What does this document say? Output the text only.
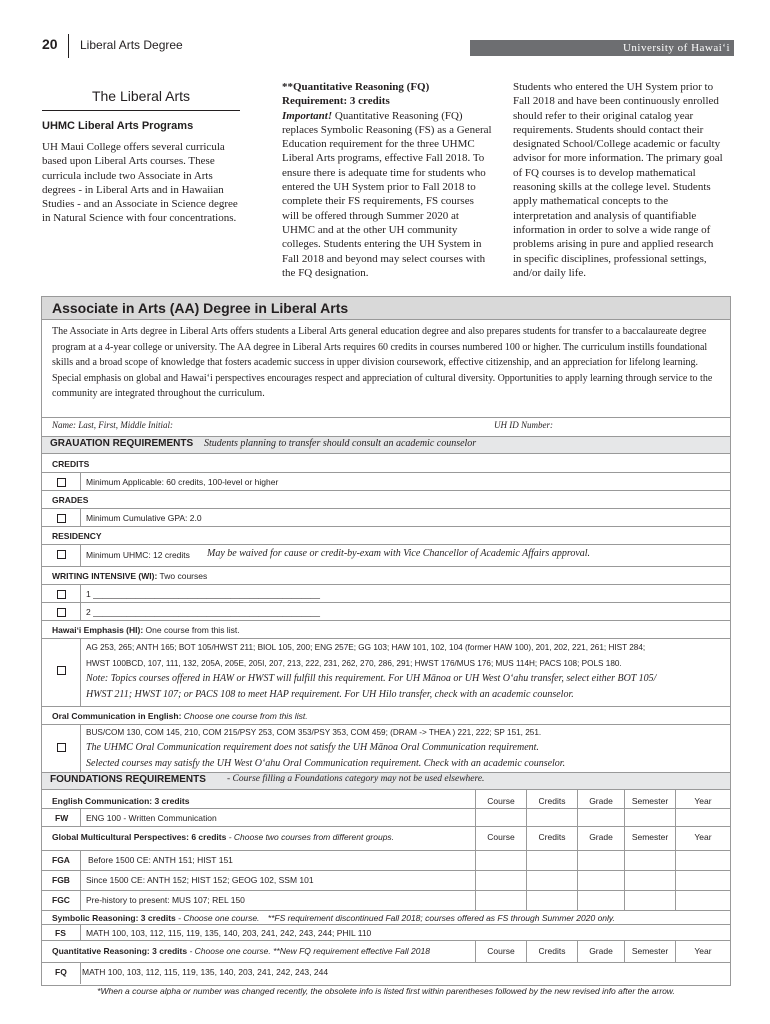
20 Liberal Arts Degree	University of Hawaiʻi
The Liberal Arts
UHMC Liberal Arts Programs
UH Maui College offers several curricula based upon Liberal Arts courses. These curricula include two Associate in Arts degrees - in Liberal Arts and in Hawaiian Studies - and an Associate in Science degree in Natural Science with four concentrations.
**Quantitative Reasoning (FQ) Requirement: 3 credits
Important! Quantitative Reasoning (FQ) replaces Symbolic Reasoning (FS) as a General Education requirement for the three UHMC Liberal Arts programs, effective Fall 2018. To ensure there is adequate time for students who entered the UH System prior to Fall 2018 to complete their FS requirements, FS courses will be offered through Summer 2020 at UHMC and at the other UH community colleges. Students entering the UH System in Fall 2018 and beyond may select courses with the FQ designation.
Students who entered the UH System prior to Fall 2018 and have been continuously enrolled should refer to their original catalog year requirements. Students should contact their designated School/College academic or faculty advisor for more information. The primary goal of FQ courses is to develop mathematical reasoning skills at the college level. Students apply mathematical concepts to the interpretation and analysis of quantifiable information in order to solve a wide range of problems arising in pure and applied research in specific disciplines, professional settings, and/or daily life.
Associate in Arts (AA) Degree in Liberal Arts
The Associate in Arts degree in Liberal Arts offers students a Liberal Arts general education degree and also prepares students for transfer to a baccalaureate degree program at a 4-year college or university. The AA degree in Liberal Arts requires 60 credits in courses numbered 100 or higher. The curriculum instills foundational skills and a broad scope of knowledge that fosters academic success in upper division coursework, effective citizenship, and an appreciation for lifelong learning. Special emphasis on global and Hawaiʻi perspectives encourages respect and appreciation of cultural diversity. Opportunities to apply learning through service to the community are integrated throughout the curriculum.
Name: Last, First, Middle Initial:	UH ID Number:
GRAUATION REQUIREMENTS Students planning to transfer should consult an academic counselor
CREDITS
Minimum Applicable: 60 credits, 100-level or higher
GRADES
Minimum Cumulative GPA: 2.0
RESIDENCY
Minimum UHMC: 12 credits May be waived for cause or credit-by-exam with Vice Chancellor of Academic Affairs approval.
WRITING INTENSIVE (WI): Two courses
1 ________________________________________________
2 ________________________________________________
Hawaiʻi Emphasis (HI): One course from this list.
AG 253, 265; ANTH 165; BOT 105/HWST 211; BIOL 105, 200; ENG 257E; GG 103; HAW 101, 102, 104 (former HAW 100), 201, 202, 221, 261; HIST 284;
HWST 100BCD, 107, 111, 132, 205A, 205E, 205I, 207, 213, 222, 231, 262, 270, 286, 291; HWST 176/MUS 176; MUS 114H; PACS 108; POLS 180.
Note: Topics courses offered in HAW or HWST will fulfill this requirement. For UH Mānoa or UH West Oʻahu transfer, select either BOT 105/
HWST 211; HWST 107; or PACS 108 to meet HAP requirement. For UH Hilo transfer, check with an academic counselor.
Oral Communication in English: Choose one course from this list.
BUS/COM 130, COM 145, 210, COM 215/PSY 253, COM 353/PSY 353, COM 459; (DRAM -> THEA ) 221, 222; SP 151, 251.
The UHMC Oral Communication requirement does not satisfy the UH Mānoa Oral Communication requirement.
Selected courses may satisfy the UH West Oʻahu Oral Communication requirement. Check with an academic counselor.
FOUNDATIONS REQUIREMENTS - Course filling a Foundations category may not be used elsewhere.
English Communication: 3 credits	Course	Credits	Grade	Semester	Year
FW ENG 100 - Written Communication
Global Multicultural Perspectives: 6 credits - Choose two courses from different groups.	Course	Credits	Grade	Semester	Year
FGA Before 1500 CE: ANTH 151; HIST 151
FGB Since 1500 CE: ANTH 152; HIST 152; GEOG 102, SSM 101
FGC Pre-history to present: MUS 107; REL 150
Symbolic Reasoning: 3 credits - Choose one course. **FS requirement discontinued Fall 2018; courses offered as FS through Summer 2020 only.
FS MATH 100, 103, 112, 115, 119, 135, 140, 203, 241, 242, 243, 244; PHIL 110
Quantitative Reasoning: 3 credits - Choose one course. **New FQ requirement effective Fall 2018	Course	Credits	Grade	Semester	Year
FQ MATH 100, 103, 112, 115, 119, 135, 140, 203, 241, 242, 243, 244
*When a course alpha or number was changed recently, the obsolete info is listed first within parentheses followed by the new revised info after the arrow.
